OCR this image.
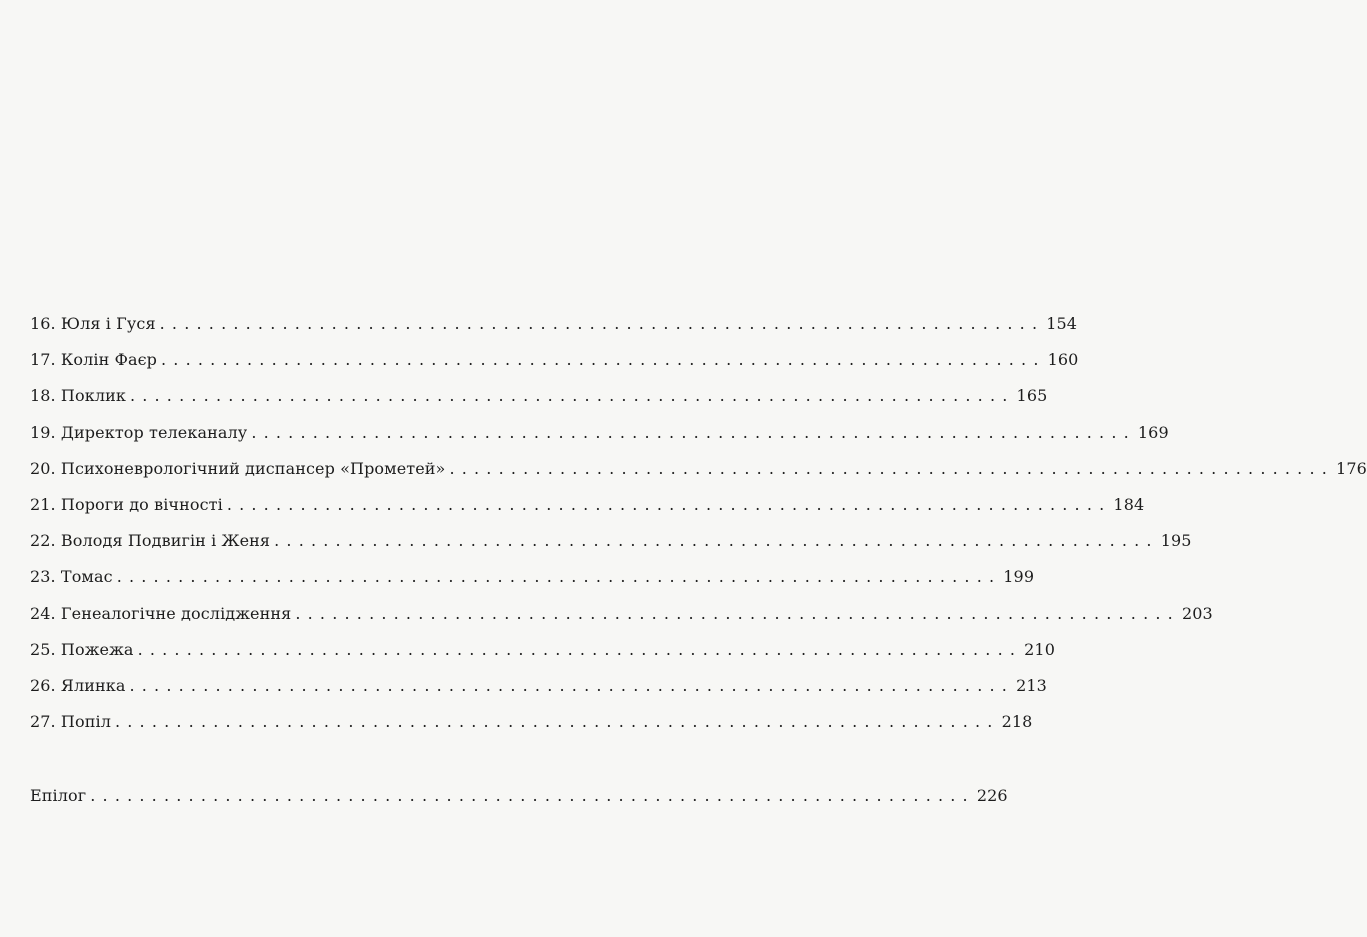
16. Юля і Гуся ........................................................................ 154
17. Колін Фаєр ........................................................................ 160
18. Поклик ........................................................................ 165
19. Директор телеканалу ........................................................................ 169
20. Психоневрологічний диспансер «Прометей» ........................................................................ 176
21. Пороги до вічності ........................................................................ 184
22. Володя Подвигін і Женя ........................................................................ 195
23. Томас ........................................................................ 199
24. Генеалогічне дослідження ........................................................................ 203
25. Пожежа ........................................................................ 210
26. Ялинка ........................................................................ 213
27. Попіл ........................................................................ 218
Епілог ........................................................................ 226
